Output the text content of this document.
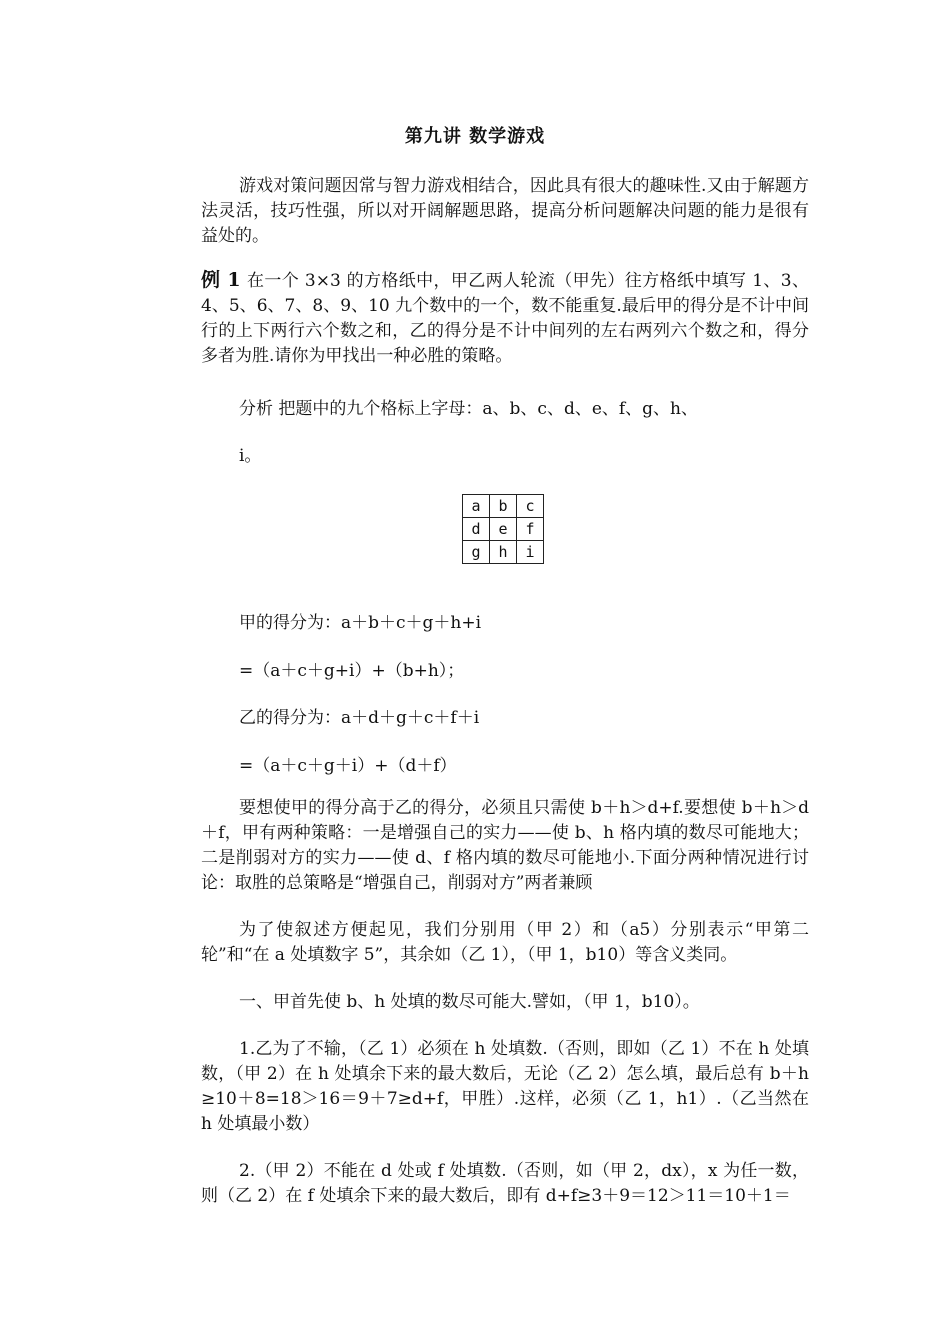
第九讲 数学游戏
游戏对策问题因常与智力游戏相结合，因此具有很大的趣味性.又由于解题方法灵活，技巧性强，所以对开阔解题思路，提高分析问题解决问题的能力是很有益处的。
例 1 在一个 3×3 的方格纸中，甲乙两人轮流（甲先）往方格纸中填写 1、3、4、5、6、7、8、9、10 九个数中的一个，数不能重复.最后甲的得分是不计中间行的上下两行六个数之和，乙的得分是不计中间列的左右两列六个数之和，得分多者为胜.请你为甲找出一种必胜的策略。
分析 把题中的九个格标上字母：a、b、c、d、e、f、g、h、
i。
a	b	c
d	e	f
g	h	i
甲的得分为：a＋b＋c＋g＋h+i
=（a＋c＋g+i）+（b+h）；
乙的得分为：a＋d＋g＋c＋f＋i
=（a＋c＋g＋i）+（d＋f）
要想使甲的得分高于乙的得分，必须且只需使 b＋h＞d+f.要想使 b＋h＞d＋f，甲有两种策略：一是增强自己的实力——使 b、h 格内填的数尽可能地大；二是削弱对方的实力——使 d、f 格内填的数尽可能地小.下面分两种情况进行讨论：取胜的总策略是“增强自己，削弱对方”两者兼顾
为了使叙述方便起见，我们分别用（甲 2）和（a5）分别表示“甲第二轮”和“在 a 处填数字 5”，其余如（乙 1），（甲 1，b10）等含义类同。
一、甲首先使 b、h 处填的数尽可能大.譬如，（甲 1，b10）。
1.乙为了不输，（乙 1）必须在 h 处填数.（否则，即如（乙 1）不在 h 处填数，（甲 2）在 h 处填余下来的最大数后，无论（乙 2）怎么填，最后总有 b＋h≥10＋8=18＞16＝9＋7≥d+f，甲胜）.这样，必须（乙 1，h1）.（乙当然在 h 处填最小数）
2.（甲 2）不能在 d 处或 f 处填数.（否则，如（甲 2，dx），x 为任一数，则（乙 2）在 f 处填余下来的最大数后，即有 d+f≥3＋9＝12＞11＝10＋1＝
